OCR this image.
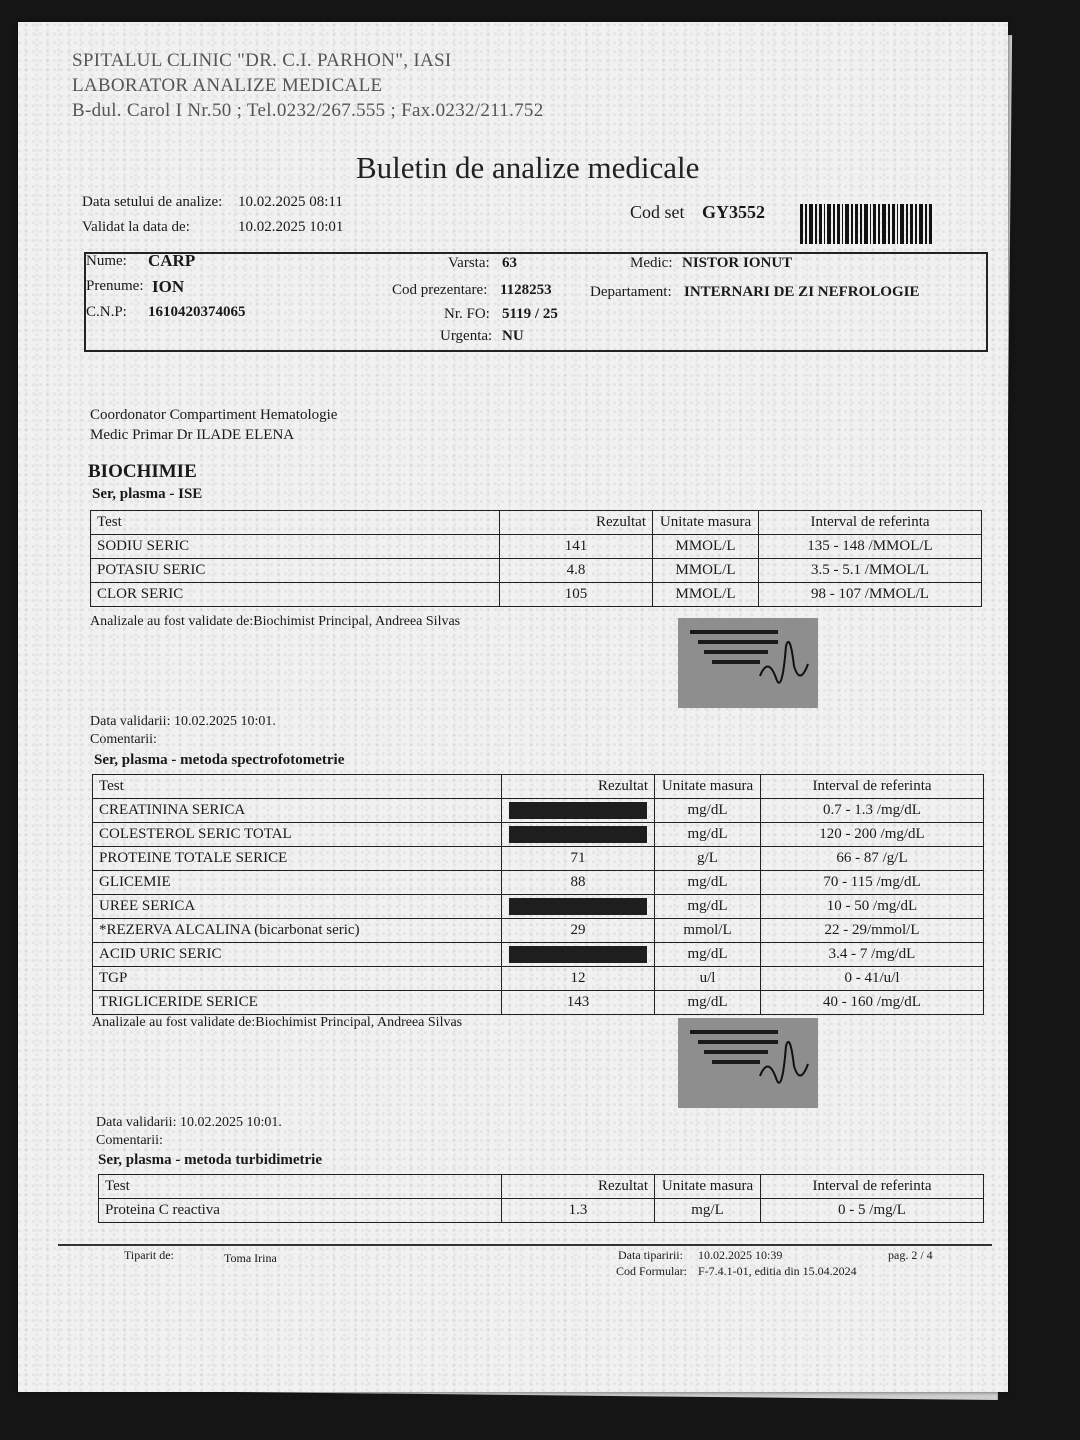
SPITALUL CLINIC "DR. C.I. PARHON", IASI
LABORATOR ANALIZE MEDICALE
B-dul. Carol I Nr.50 ; Tel.0232/267.555 ; Fax.0232/211.752
Buletin de analize medicale
Data setului de analize: 10.02.2025 08:11
Validat la data de:	10.02.2025 10:01
Cod set GY3552
Nume: CARP
Prenume: ION
C.N.P: 1610420374065
Varsta: 63
Cod prezentare: 1128253
Nr. FO: 5119 / 25
Urgenta: NU
Medic: NISTOR IONUT
Departament: INTERNARI DE ZI NEFROLOGIE
Coordonator Compartiment Hematologie
Medic Primar Dr ILADE ELENA
BIOCHIMIE
Ser, plasma - ISE
Test	Rezultat	Unitate masura	Interval de referinta
SODIU SERIC	141	MMOL/L	135 - 148 /MMOL/L
POTASIU SERIC	4.8	MMOL/L	3.5 - 5.1 /MMOL/L
CLOR SERIC	105	MMOL/L	98 - 107 /MMOL/L
Analizale au fost validate de:Biochimist Principal, Andreea Silvas
Data validarii: 10.02.2025 10:01.
Comentarii:
Ser, plasma - metoda spectrofotometrie
Test	Rezultat	Unitate masura	Interval de referinta
CREATININA SERICA		mg/dL	0.7 - 1.3 /mg/dL
COLESTEROL SERIC TOTAL		mg/dL	120 - 200 /mg/dL
PROTEINE TOTALE SERICE	71	g/L	66 - 87 /g/L
GLICEMIE	88	mg/dL	70 - 115 /mg/dL
UREE SERICA		mg/dL	10 - 50 /mg/dL
*REZERVA ALCALINA (bicarbonat seric)	29	mmol/L	22 - 29/mmol/L
ACID URIC SERIC		mg/dL	3.4 - 7 /mg/dL
TGP	12	u/l	0 - 41/u/l
TRIGLICERIDE SERICE	143	mg/dL	40 - 160 /mg/dL
Analizale au fost validate de:Biochimist Principal, Andreea Silvas
Data validarii: 10.02.2025 10:01.
Comentarii:
Ser, plasma - metoda turbidimetrie
Test	Rezultat	Unitate masura	Interval de referinta
Proteina C reactiva	1.3	mg/L	0 - 5 /mg/L
Tiparit de:	Toma Irina	Data tiparirii: 10.02.2025 10:39	pag. 2 / 4
Cod Formular: F-7.4.1-01, editia din 15.04.2024
